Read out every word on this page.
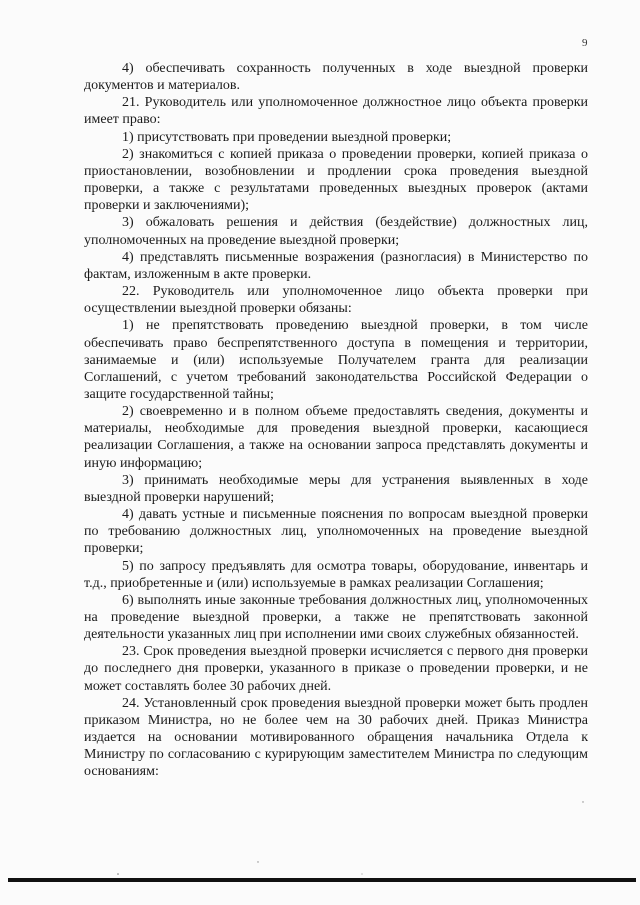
9

4) обеспечивать сохранность полученных в ходе выездной проверки документов и материалов.

21. Руководитель или уполномоченное должностное лицо объекта проверки имеет право:

1) присутствовать при проведении выездной проверки;

2) знакомиться с копией приказа о проведении проверки, копией приказа о приостановлении, возобновлении и продлении срока проведения выездной проверки, а также с результатами проведенных выездных проверок (актами проверки и заключениями);

3) обжаловать решения и действия (бездействие) должностных лиц, уполномоченных на проведение выездной проверки;

4) представлять письменные возражения (разногласия) в Министерство по фактам, изложенным в акте проверки.

22. Руководитель или уполномоченное лицо объекта проверки при осуществлении выездной проверки обязаны:

1) не препятствовать проведению выездной проверки, в том числе обеспечивать право беспрепятственного доступа в помещения и территории, занимаемые и (или) используемые Получателем гранта для реализации Соглашений, с учетом требований законодательства Российской Федерации о защите государственной тайны;

2) своевременно и в полном объеме предоставлять сведения, документы и материалы, необходимые для проведения выездной проверки, касающиеся реализации Соглашения, а также на основании запроса представлять документы и иную информацию;

3) принимать необходимые меры для устранения выявленных в ходе выездной проверки нарушений;

4) давать устные и письменные пояснения по вопросам выездной проверки по требованию должностных лиц, уполномоченных на проведение выездной проверки;

5) по запросу предъявлять для осмотра товары, оборудование, инвентарь и т.д., приобретенные и (или) используемые в рамках реализации Соглашения;

6) выполнять иные законные требования должностных лиц, уполномоченных на проведение выездной проверки, а также не препятствовать законной деятельности указанных лиц при исполнении ими своих служебных обязанностей.

23. Срок проведения выездной проверки исчисляется с первого дня проверки до последнего дня проверки, указанного в приказе о проведении проверки, и не может составлять более 30 рабочих дней.

24. Установленный срок проведения выездной проверки может быть продлен приказом Министра, но не более чем на 30 рабочих дней. Приказ Министра издается на основании мотивированного обращения начальника Отдела к Министру по согласованию с курирующим заместителем Министра по следующим основаниям:
